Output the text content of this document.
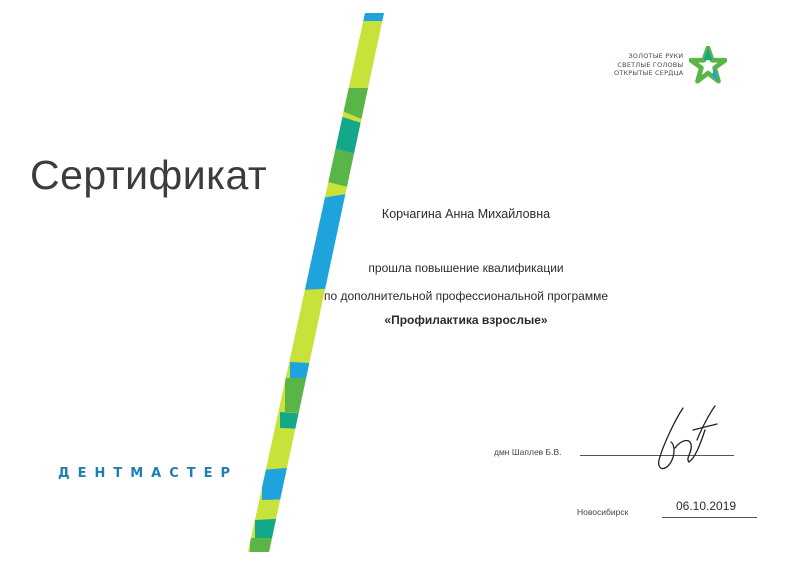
Сертификат
Д Е Н Т М А С Т Е Р
ЗОЛОТЫЕ РУКИ
СВЕТЛЫЕ ГОЛОВЫ
ОТКРЫТЫЕ СЕРДЦА
Корчагина Анна Михайловна
прошла повышение квалификации
по дополнительной профессиональной программе
«Профилактика взрослые»
дмн Шаплев Б.В.
Новосибирск	06.10.2019
